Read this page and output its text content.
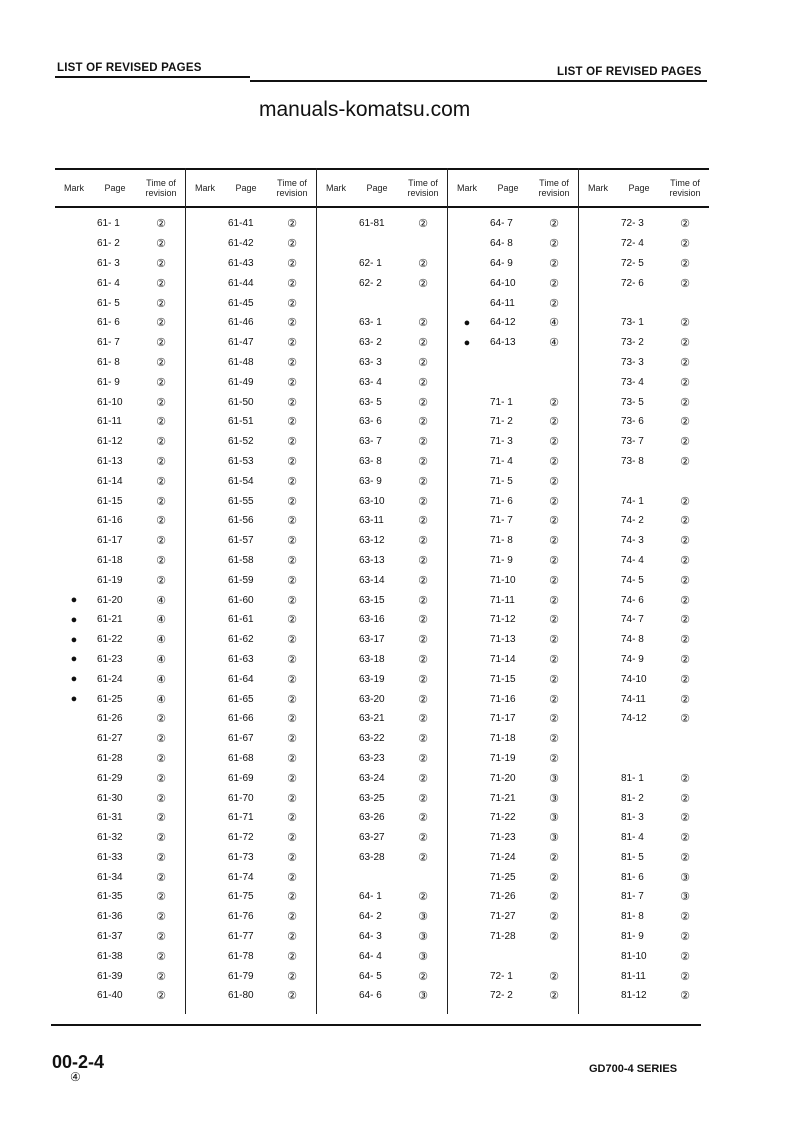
LIST OF REVISED PAGES	LIST OF REVISED PAGES
manuals-komatsu.com
Mark	Page	Time of revision
61- 1	②
61- 2	②
61- 3	②
61- 4	②
61- 5	②
61- 6	②
61- 7	②
61- 8	②
61- 9	②
61-10	②
61-11	②
61-12	②
61-13	②
61-14	②
61-15	②
61-16	②
61-17	②
61-18	②
61-19	②
●	61-20	④
●	61-21	④
●	61-22	④
●	61-23	④
●	61-24	④
●	61-25	④
61-26	②
61-27	②
61-28	②
61-29	②
61-30	②
61-31	②
61-32	②
61-33	②
61-34	②
61-35	②
61-36	②
61-37	②
61-38	②
61-39	②
61-40	②
Mark	Page	Time of revision
61-41	②
61-42	②
61-43	②
61-44	②
61-45	②
61-46	②
61-47	②
61-48	②
61-49	②
61-50	②
61-51	②
61-52	②
61-53	②
61-54	②
61-55	②
61-56	②
61-57	②
61-58	②
61-59	②
61-60	②
61-61	②
61-62	②
61-63	②
61-64	②
61-65	②
61-66	②
61-67	②
61-68	②
61-69	②
61-70	②
61-71	②
61-72	②
61-73	②
61-74	②
61-75	②
61-76	②
61-77	②
61-78	②
61-79	②
61-80	②
Mark	Page	Time of revision
61-81	②
62- 1	②
62- 2	②
63- 1	②
63- 2	②
63- 3	②
63- 4	②
63- 5	②
63- 6	②
63- 7	②
63- 8	②
63- 9	②
63-10	②
63-11	②
63-12	②
63-13	②
63-14	②
63-15	②
63-16	②
63-17	②
63-18	②
63-19	②
63-20	②
63-21	②
63-22	②
63-23	②
63-24	②
63-25	②
63-26	②
63-27	②
63-28	②
64- 1	②
64- 2	③
64- 3	③
64- 4	③
64- 5	②
64- 6	③
Mark	Page	Time of revision
64- 7	②
64- 8	②
64- 9	②
64-10	②
64-11	②
●	64-12	④
●	64-13	④
71- 1	②
71- 2	②
71- 3	②
71- 4	②
71- 5	②
71- 6	②
71- 7	②
71- 8	②
71- 9	②
71-10	②
71-11	②
71-12	②
71-13	②
71-14	②
71-15	②
71-16	②
71-17	②
71-18	②
71-19	②
71-20	③
71-21	③
71-22	③
71-23	③
71-24	②
71-25	②
71-26	②
71-27	②
71-28	②
72- 1	②
72- 2	②
Mark	Page	Time of revision
72- 3	②
72- 4	②
72- 5	②
72- 6	②
73- 1	②
73- 2	②
73- 3	②
73- 4	②
73- 5	②
73- 6	②
73- 7	②
73- 8	②
74- 1	②
74- 2	②
74- 3	②
74- 4	②
74- 5	②
74- 6	②
74- 7	②
74- 8	②
74- 9	②
74-10	②
74-11	②
74-12	②
81- 1	②
81- 2	②
81- 3	②
81- 4	②
81- 5	②
81- 6	③
81- 7	③
81- 8	②
81- 9	②
81-10	②
81-11	②
81-12	②
00-2-4
④
GD700-4 SERIES
